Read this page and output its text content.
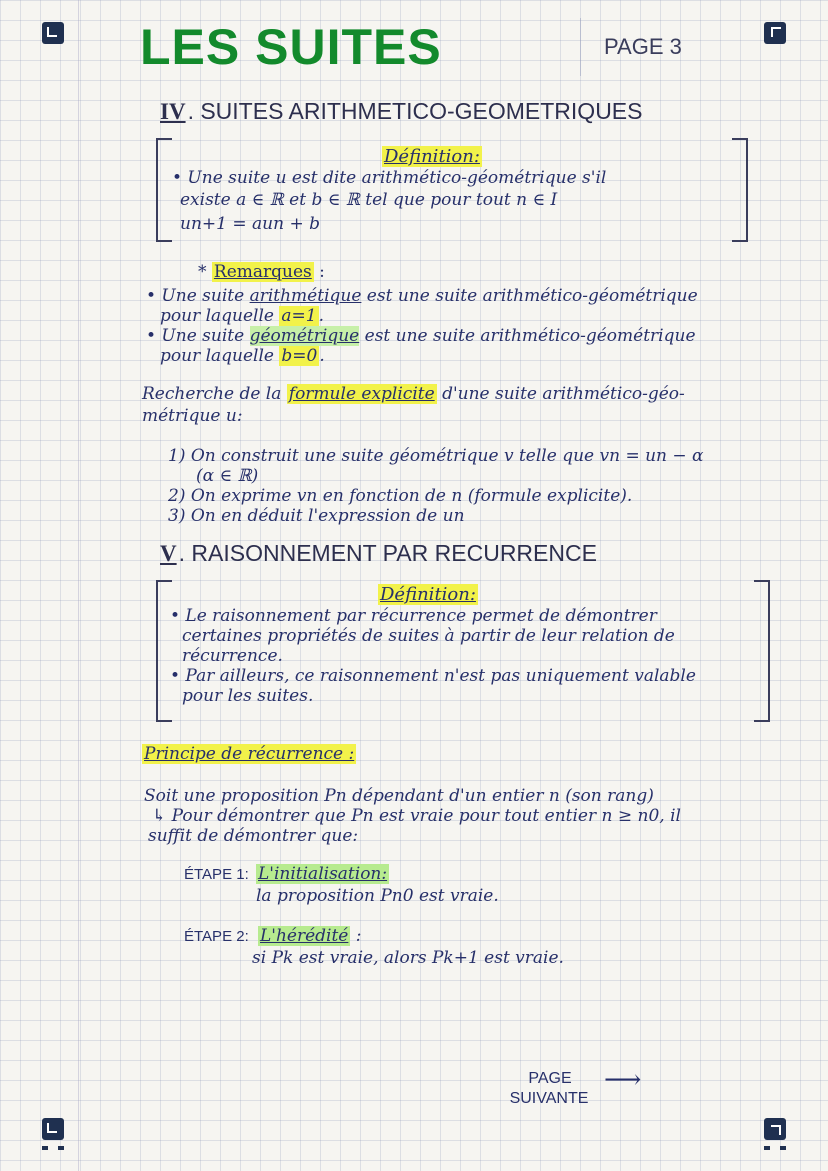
LES SUITES	PAGE 3
IV. SUITES ARITHMETICO-GEOMETRIQUES
Définition:
• Une suite u est dite arithmético-géométrique s'il
existe a ∈ ℝ et b ∈ ℝ tel que pour tout n ∈ I
un+1 = aun + b
* Remarques :
• Une suite arithmétique est une suite arithmético-géométrique
pour laquelle a=1 .
• Une suite géométrique est une suite arithmético-géométrique
pour laquelle b=0 .
Recherche de la formule explicite d'une suite arithmético-géo-
métrique u:
1) On construit une suite géométrique v telle que vn = un − α
(α ∈ ℝ)
2) On exprime vn en fonction de n (formule explicite).
3) On en déduit l'expression de un
V. RAISONNEMENT PAR RECURRENCE
Définition:
• Le raisonnement par récurrence permet de démontrer
certaines propriétés de suites à partir de leur relation de
récurrence.
• Par ailleurs, ce raisonnement n'est pas uniquement valable
pour les suites.
Principe de récurrence :
Soit une proposition Pn dépendant d'un entier n (son rang)
↳ Pour démontrer que Pn est vraie pour tout entier n ≥ n0, il
suffit de démontrer que:
ÉTAPE 1: L'initialisation:
la proposition Pn0 est vraie.
ÉTAPE 2: L'hérédité :
si Pk est vraie, alors Pk+1 est vraie.
PAGE
SUIVANTE
⟶
